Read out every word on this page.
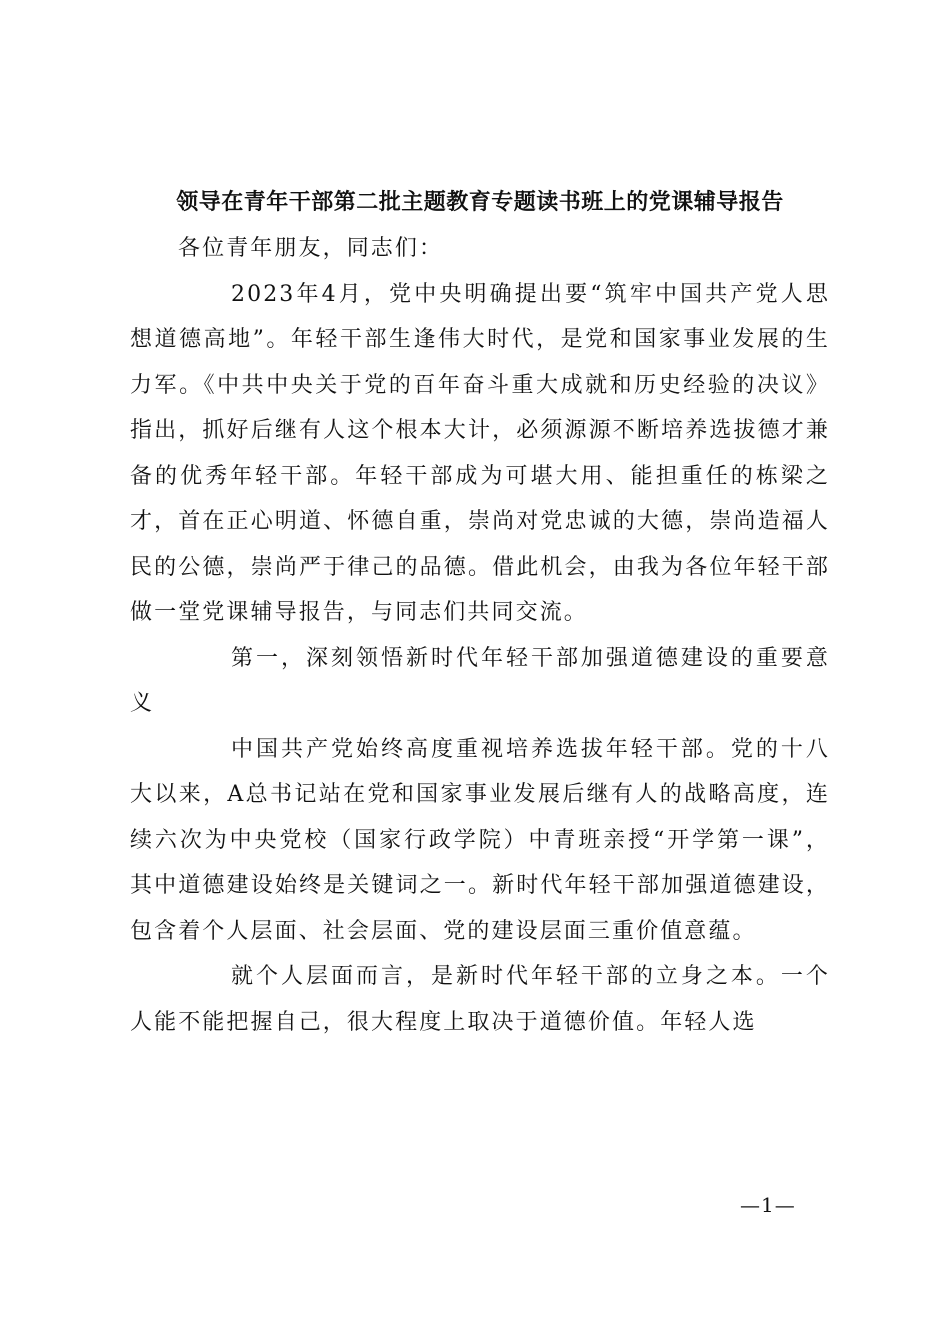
领导在青年干部第二批主题教育专题读书班上的党课辅导报告

各位青年朋友，同志们：

2023年4月，党中央明确提出要“筑牢中国共产党人思想道德高地”。年轻干部生逢伟大时代，是党和国家事业发展的生力军。《中共中央关于党的百年奋斗重大成就和历史经验的决议》指出，抓好后继有人这个根本大计，必须源源不断培养选拔德才兼备的优秀年轻干部。年轻干部成为可堪大用、能担重任的栋梁之才，首在正心明道、怀德自重，崇尚对党忠诚的大德，崇尚造福人民的公德，崇尚严于律己的品德。借此机会，由我为各位年轻干部做一堂党课辅导报告，与同志们共同交流。

第一，深刻领悟新时代年轻干部加强道德建设的重要意义

中国共产党始终高度重视培养选拔年轻干部。党的十八大以来，A总书记站在党和国家事业发展后继有人的战略高度，连续六次为中央党校（国家行政学院）中青班亲授“开学第一课”，其中道德建设始终是关键词之一。新时代年轻干部加强道德建设，包含着个人层面、社会层面、党的建设层面三重价值意蕴。

就个人层面而言，是新时代年轻干部的立身之本。一个人能不能把握自己，很大程度上取决于道德价值。年轻人选

—1—
